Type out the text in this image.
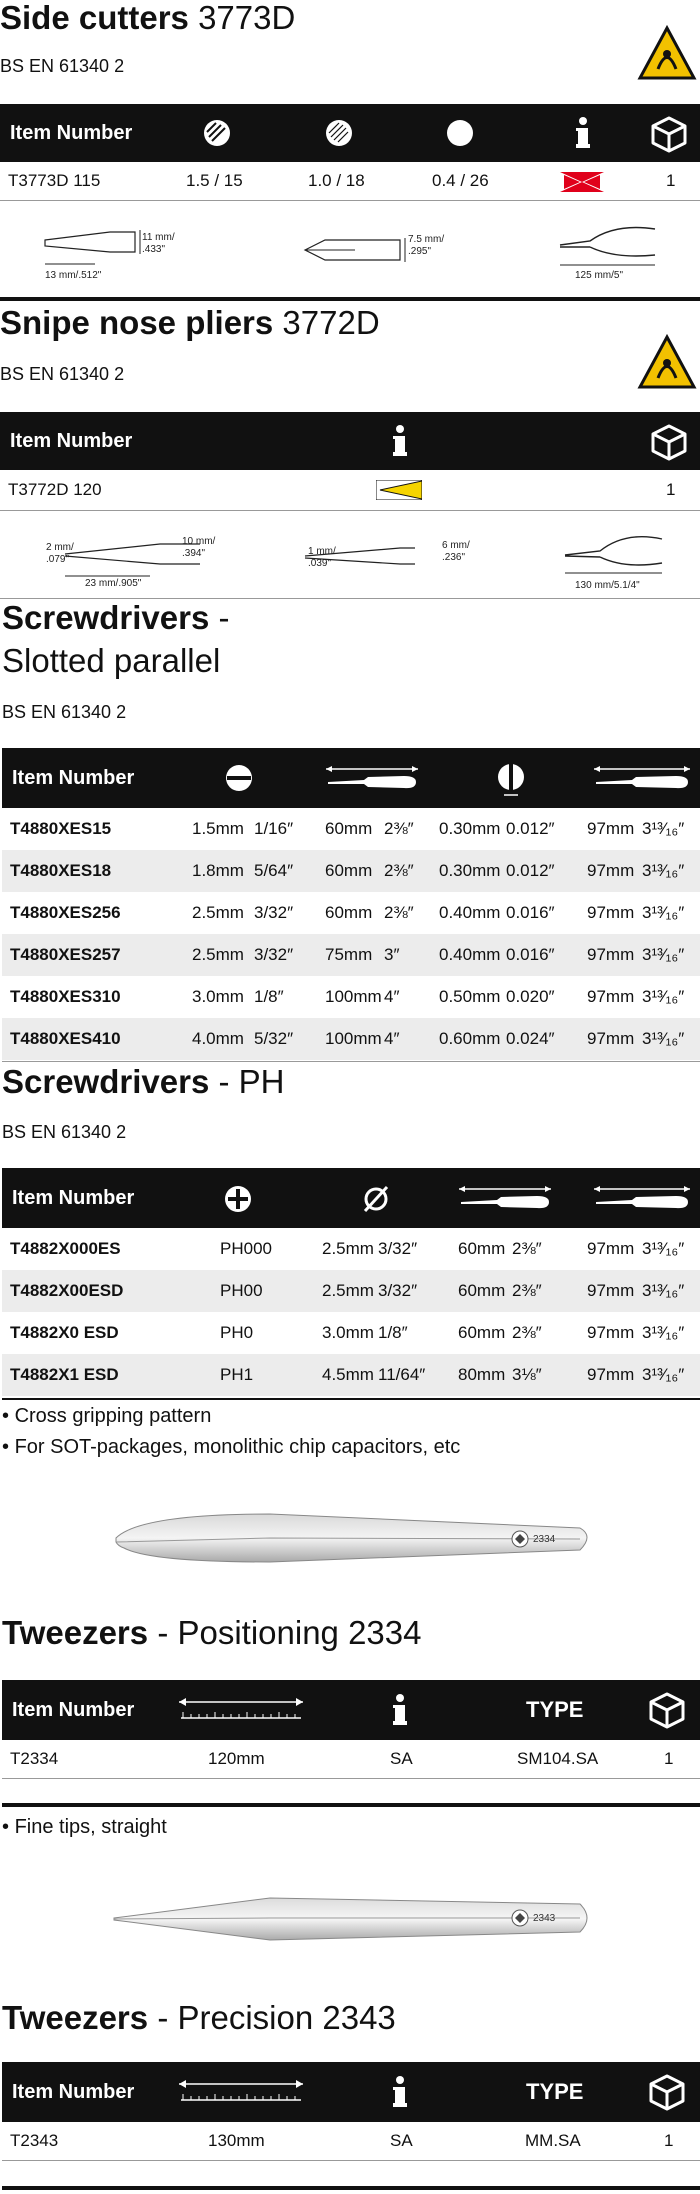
Side cutters 3773D
BS EN 61340 2
Item Number
T3773D 115	1.5 / 15	1.0 / 18	0.4 / 26	1
11 mm/
.433"
13 mm/.512"
7.5 mm/
.295"
125 mm/5"
Snipe nose pliers 3772D
BS EN 61340 2
Item Number
T3772D 120	1
2 mm/
.079"
10 mm/
.394"
23 mm/.905"
1 mm/
.039"
6 mm/
.236"
130 mm/5.1/4"
Screwdrivers -
Slotted parallel
BS EN 61340 2
Item Number
T4880XES15	1.5mm 1/16″ 60mm 2⅜″ 0.30mm 0.012″ 97mm 3¹³⁄₁₆″
T4880XES18	1.8mm 5/64″ 60mm 2⅜″ 0.30mm 0.012″ 97mm 3¹³⁄₁₆″
T4880XES256	2.5mm 3/32″ 60mm 2⅜″ 0.40mm 0.016″ 97mm 3¹³⁄₁₆″
T4880XES257	2.5mm 3/32″ 75mm 3″ 0.40mm 0.016″ 97mm 3¹³⁄₁₆″
T4880XES310	3.0mm 1/8″ 100mm 4″ 0.50mm 0.020″ 97mm 3¹³⁄₁₆″
T4880XES410	4.0mm 5/32″ 100mm 4″ 0.60mm 0.024″ 97mm 3¹³⁄₁₆″
Screwdrivers - PH
BS EN 61340 2
Item Number
T4882X000ES	PH000	2.5mm 3/32″ 60mm 2⅜″	97mm 3¹³⁄₁₆″
T4882X00ESD	PH00	2.5mm 3/32″ 60mm 2⅜″	97mm 3¹³⁄₁₆″
T4882X0 ESD	PH0	3.0mm 1/8″	60mm 2⅜″	97mm 3¹³⁄₁₆″
T4882X1 ESD	PH1	4.5mm 11/64″ 80mm 3⅛″	97mm 3¹³⁄₁₆″
• Cross gripping pattern
• For SOT-packages, monolithic chip capacitors, etc
2334
Tweezers - Positioning 2334
Item Number	TYPE
T2334	120mm	SA	SM104.SA	1
• Fine tips, straight
2343
Tweezers - Precision 2343
Item Number	TYPE
T2343	130mm	SA	MM.SA	1
